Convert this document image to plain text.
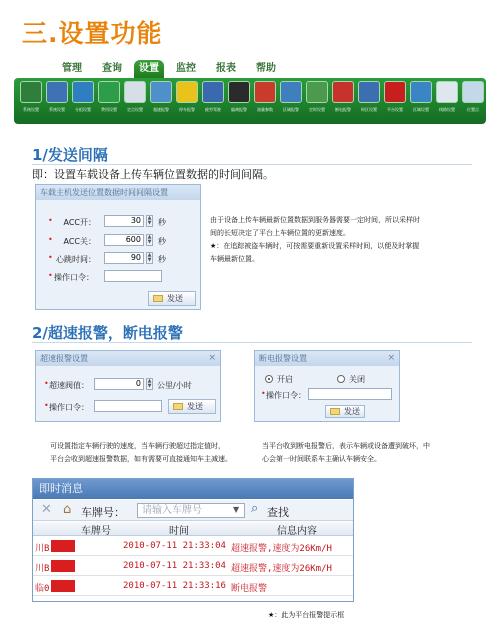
三.设置功能
管理	查询	设置	监控	报表	帮助
系统设置	系统设置	分组设置	费用设置	定点设置	超速报警	停车报警	疲劳驾驶	偏离报警	油量参数	区域报警	定时设置	断电报警	时区设置	平台设置	区域设置	线路设置	位置点
1/发送间隔
即：设置车载设备上传车辆位置数据的时间间隔。
车载主机发送位置数据时间间隔设置
•	ACC开：	30	▲
▼ 秒
•	ACC关：	600	▲
▼ 秒
• 心跳时间：	90	▲
▼ 秒
• 操作口令：
发送
由于设备上传车辆最新位置数据到服务器需要一定时间，所以采样时
间的长短决定了平台上车辆位置的更新速度。
★：在追踪被盗车辆时，可按需要重新设置采样时间，以便及时掌握
车辆最新位置。
2/超速报警，断电报警
超速报警设置	×
• 超速阀值：	0	▲
▼ 公里/小时
• 操作口令：	发送
断电报警设置	×
开启	关闭
• 操作口令：
发送
可设置指定车辆行驶的速度，当车辆行驶超过指定值时，
平台会收到超速报警数据，如有需要可直接通知车主减速。
当平台收到断电报警后，表示车辆或设备遭到破坏，中
心会第一时间联系车主确认车辆安全。
即时消息
✕ ⌂ 车牌号：	请输入车牌号	▼ ⌕ 查找
车牌号	时间	信息内容
川B	2010-07-11 21:33:04 超速报警,速度为26Km/H
川B	2010-07-11 21:33:04 超速报警,速度为26Km/H
临0	2010-07-11 21:33:16 断电报警
★：此为平台报警提示框
